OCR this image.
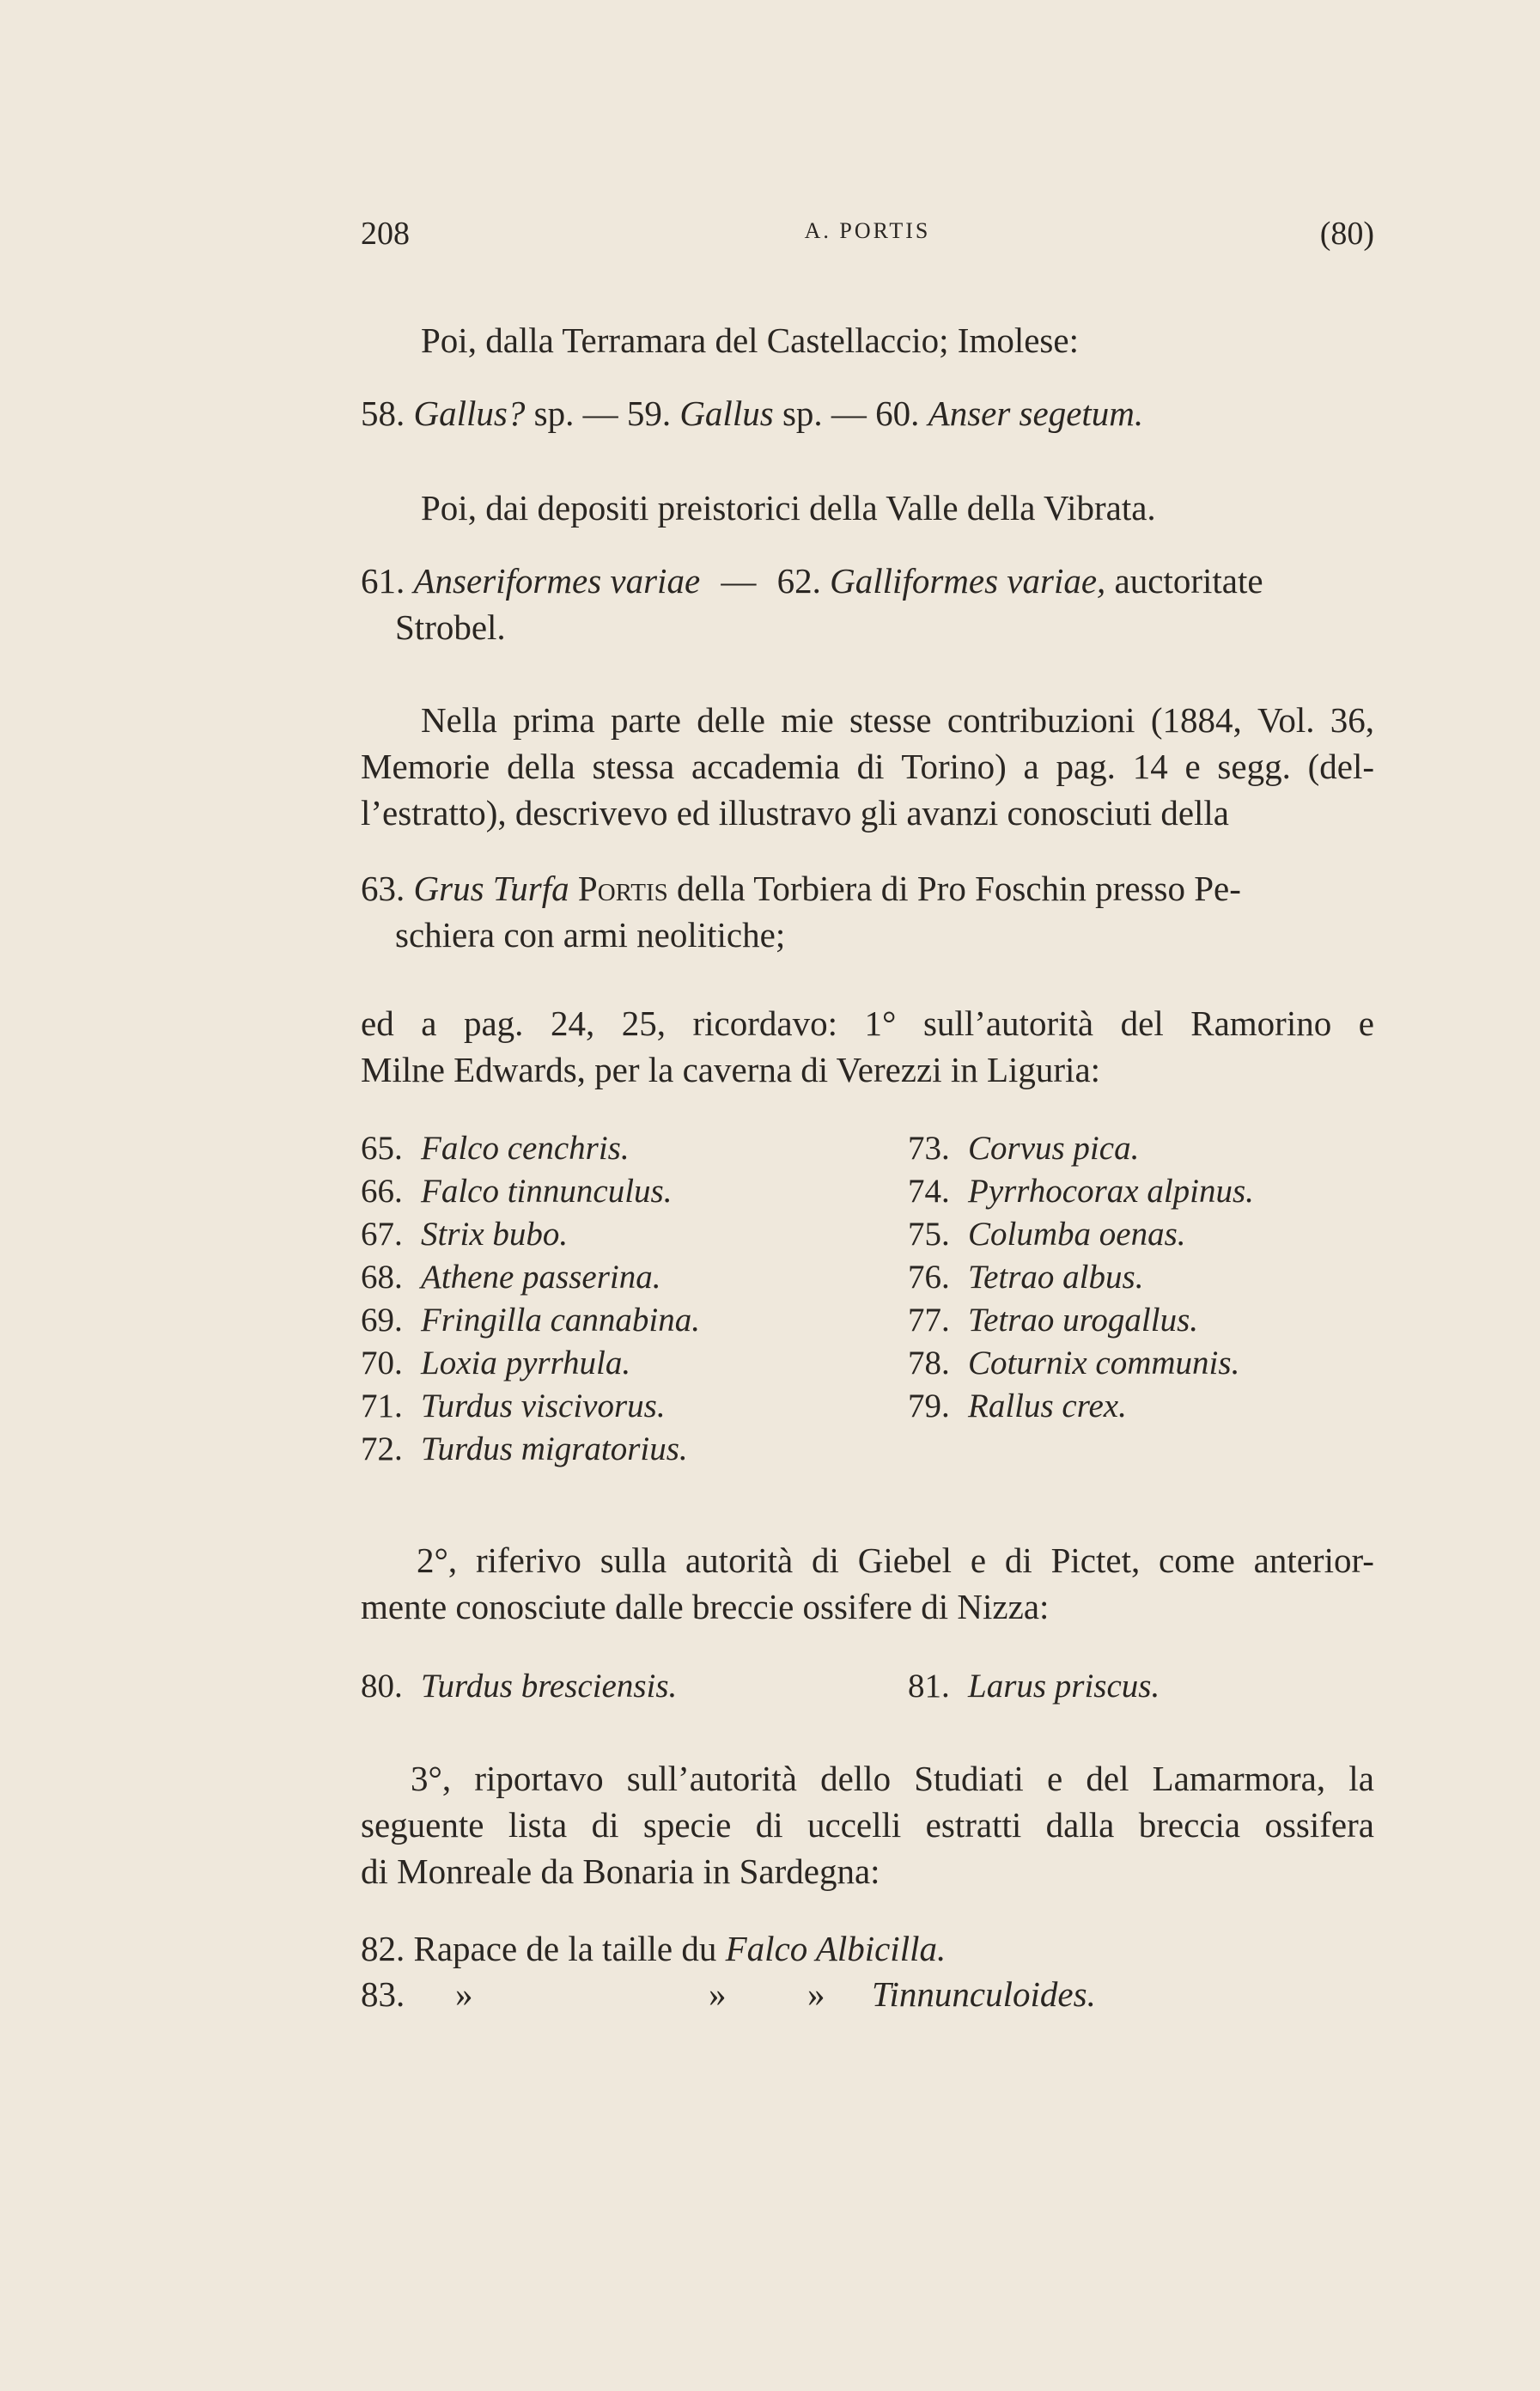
208	A. PORTIS	(80)
Poi, dalla Terramara del Castellaccio; Imolese:
58. Gallus? sp. — 59. Gallus sp. — 60. Anser segetum.
Poi, dai depositi preistorici della Valle della Vibrata.
61. Anseriformes variae — 62. Galliformes variae, auctoritate
Strobel.
Nella prima parte delle mie stesse contribuzioni (1884, Vol. 36,
Memorie della stessa accademia di Torino) a pag. 14 e segg. (del-
l’estratto), descrivevo ed illustravo gli avanzi conosciuti della
63. Grus Turfa Portis della Torbiera di Pro Foschin presso Pe-
schiera con armi neolitiche;
ed a pag. 24, 25, ricordavo: 1° sull’autorità del Ramorino e
Milne Edwards, per la caverna di Verezzi in Liguria:
65. Falco cenchris.
66. Falco tinnunculus.
67. Strix bubo.
68. Athene passerina.
69. Fringilla cannabina.
70. Loxia pyrrhula.
71. Turdus viscivorus.
72. Turdus migratorius.
73. Corvus pica.
74. Pyrrhocorax alpinus.
75. Columba oenas.
76. Tetrao albus.
77. Tetrao urogallus.
78. Coturnix communis.
79. Rallus crex.
2°, riferivo sulla autorità di Giebel e di Pictet, come anterior-
mente conosciute dalle breccie ossifere di Nizza:
80. Turdus bresciensis.	81. Larus priscus.
3°, riportavo sull’autorità dello Studiati e del Lamarmora, la
seguente lista di specie di uccelli estratti dalla breccia ossifera
di Monreale da Bonaria in Sardegna:
82. Rapace de la taille du Falco Albicilla.
83. »	» » Tinnunculoides.
